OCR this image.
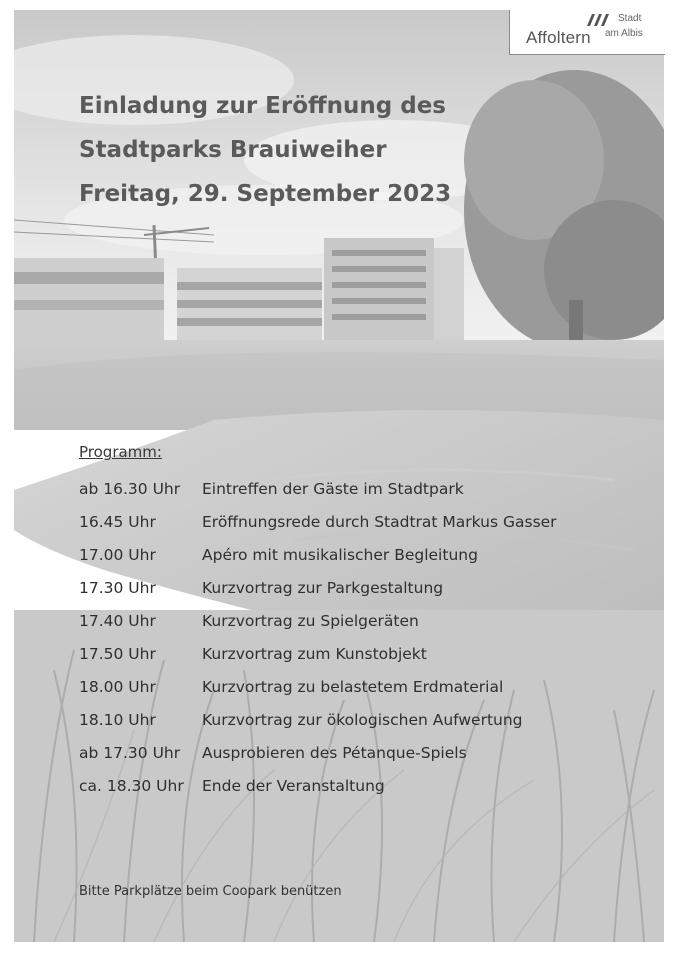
Stadt
Affoltern am Albis
Einladung zur Eröffnung des
Stadtparks Brauiweiher
Freitag, 29. September 2023
Programm:
ab 16.30 Uhr Eintreffen der Gäste im Stadtpark
16.45 Uhr	Eröffnungsrede durch Stadtrat Markus Gasser
17.00 Uhr	Apéro mit musikalischer Begleitung
17.30 Uhr	Kurzvortrag zur Parkgestaltung
17.40 Uhr	Kurzvortrag zu Spielgeräten
17.50 Uhr	Kurzvortrag zum Kunstobjekt
18.00 Uhr	Kurzvortrag zu belastetem Erdmaterial
18.10 Uhr	Kurzvortrag zur ökologischen Aufwertung
ab 17.30 Uhr Ausprobieren des Pétanque-Spiels
ca. 18.30 Uhr Ende der Veranstaltung
Bitte Parkplätze beim Coopark benützen
